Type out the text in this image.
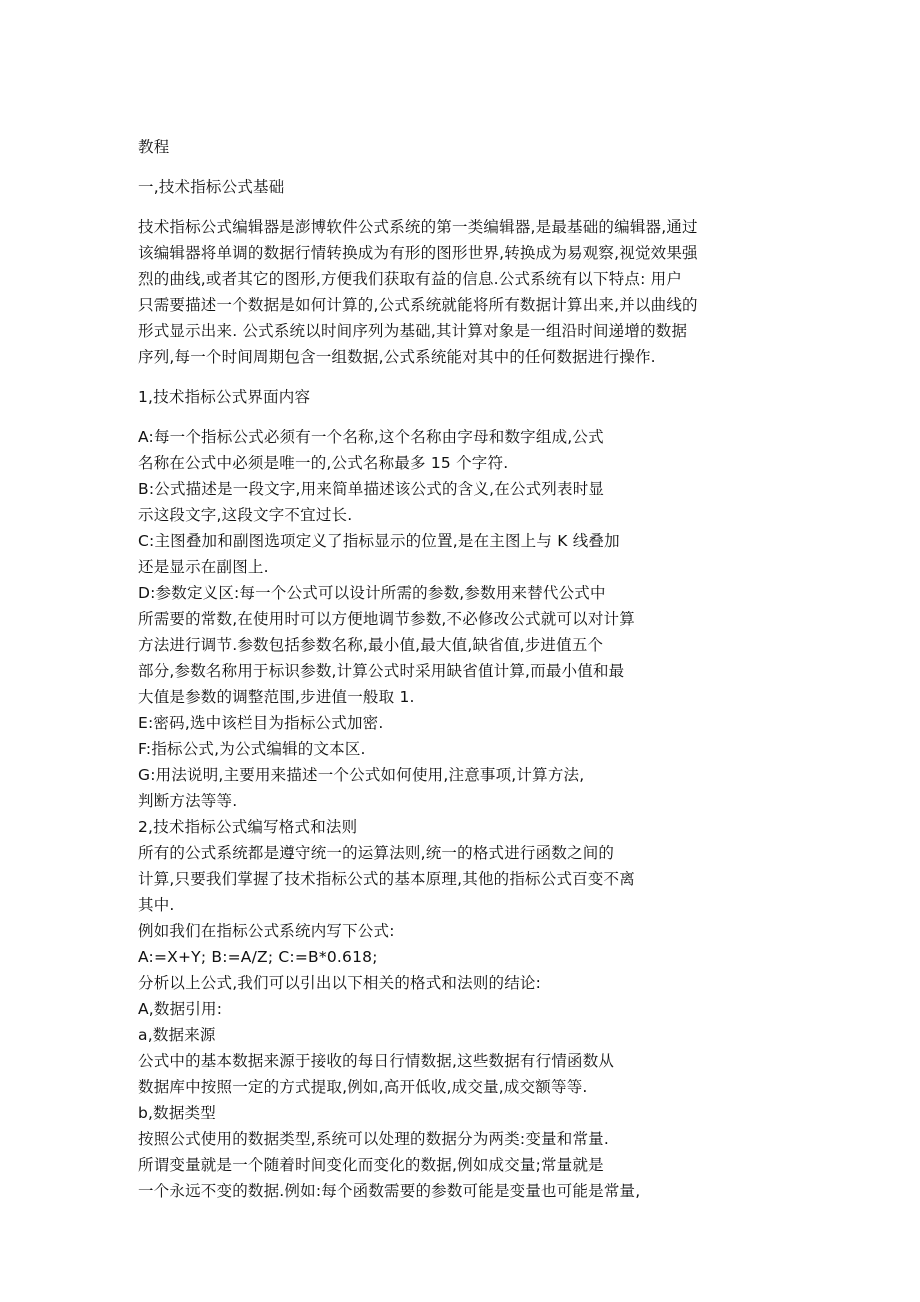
教程
一,技术指标公式基础
技术指标公式编辑器是澎博软件公式系统的第一类编辑器,是最基础的编辑器,通过
该编辑器将单调的数据行情转换成为有形的图形世界,转换成为易观察,视觉效果强
烈的曲线,或者其它的图形,方便我们获取有益的信息.公式系统有以下特点: 用户
只需要描述一个数据是如何计算的,公式系统就能将所有数据计算出来,并以曲线的
形式显示出来. 公式系统以时间序列为基础,其计算对象是一组沿时间递增的数据
序列,每一个时间周期包含一组数据,公式系统能对其中的任何数据进行操作.
1,技术指标公式界面内容
A:每一个指标公式必须有一个名称,这个名称由字母和数字组成,公式
名称在公式中必须是唯一的,公式名称最多 15 个字符.
B:公式描述是一段文字,用来简单描述该公式的含义,在公式列表时显
示这段文字,这段文字不宜过长.
C:主图叠加和副图选项定义了指标显示的位置,是在主图上与 K 线叠加
还是显示在副图上.
D:参数定义区:每一个公式可以设计所需的参数,参数用来替代公式中
所需要的常数,在使用时可以方便地调节参数,不必修改公式就可以对计算
方法进行调节.参数包括参数名称,最小值,最大值,缺省值,步进值五个
部分,参数名称用于标识参数,计算公式时采用缺省值计算,而最小值和最
大值是参数的调整范围,步进值一般取 1.
E:密码,选中该栏目为指标公式加密.
F:指标公式,为公式编辑的文本区.
G:用法说明,主要用来描述一个公式如何使用,注意事项,计算方法,
判断方法等等.
2,技术指标公式编写格式和法则
所有的公式系统都是遵守统一的运算法则,统一的格式进行函数之间的
计算,只要我们掌握了技术指标公式的基本原理,其他的指标公式百变不离
其中.
例如我们在指标公式系统内写下公式:
A:=X+Y; B:=A/Z; C:=B*0.618;
分析以上公式,我们可以引出以下相关的格式和法则的结论:
A,数据引用:
a,数据来源
公式中的基本数据来源于接收的每日行情数据,这些数据有行情函数从
数据库中按照一定的方式提取,例如,高开低收,成交量,成交额等等.
b,数据类型
按照公式使用的数据类型,系统可以处理的数据分为两类:变量和常量.
所谓变量就是一个随着时间变化而变化的数据,例如成交量;常量就是
一个永远不变的数据.例如:每个函数需要的参数可能是变量也可能是常量,
